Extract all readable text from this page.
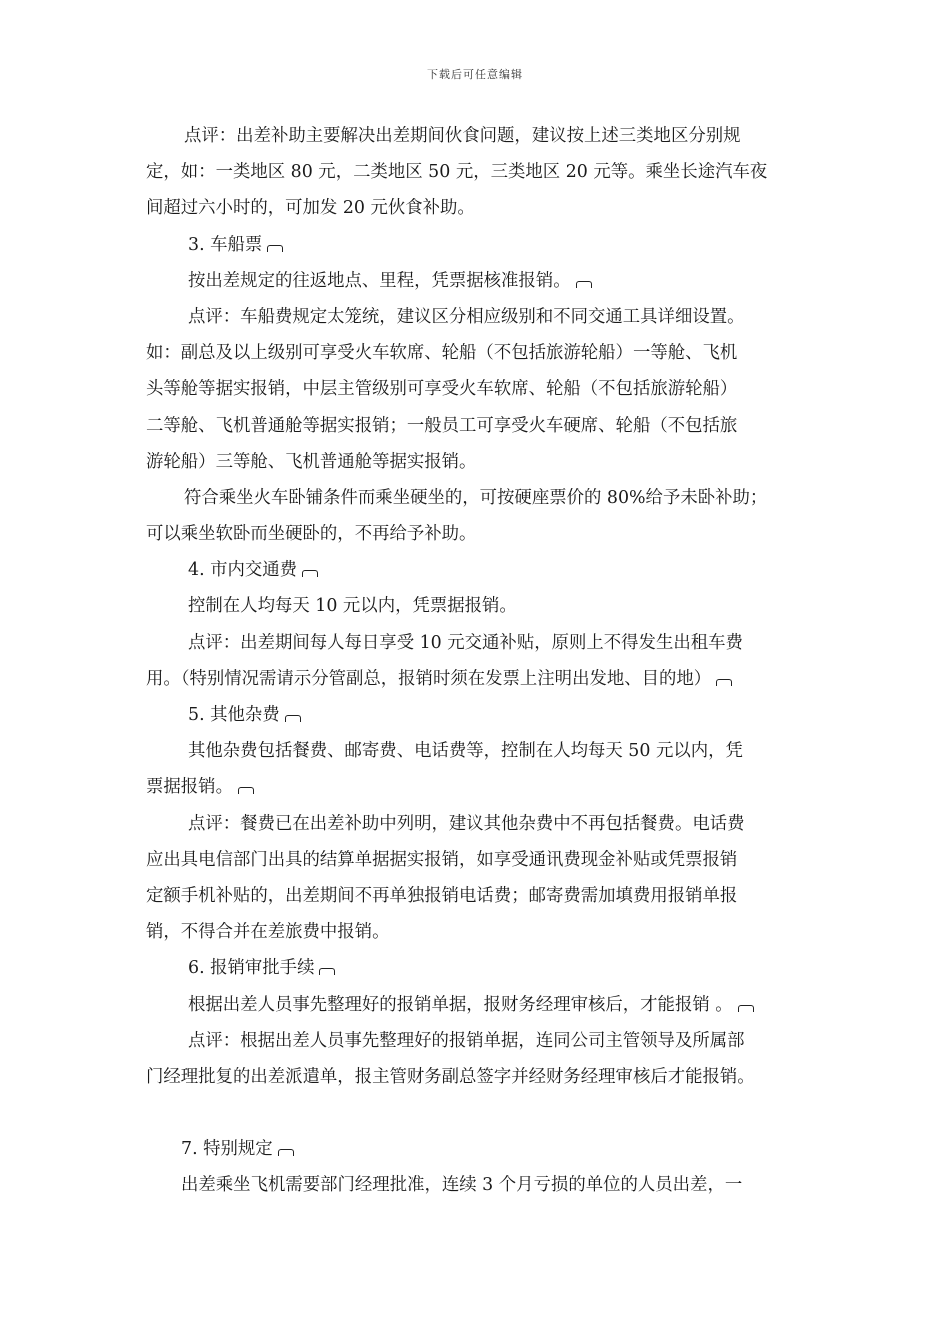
下载后可任意编辑
点评：出差补助主要解决出差期间伙食问题，建议按上述三类地区分别规
定，如：一类地区 80 元，二类地区 50 元，三类地区 20 元等。乘坐长途汽车夜
间超过六小时的，可加发 20 元伙食补助。
3. 车船票
按出差规定的往返地点、里程，凭票据核准报销。
点评：车船费规定太笼统，建议区分相应级别和不同交通工具详细设置。
如：副总及以上级别可享受火车软席、轮船（不包括旅游轮船）一等舱、飞机
头等舱等据实报销，中层主管级别可享受火车软席、轮船（不包括旅游轮船）
二等舱、飞机普通舱等据实报销；一般员工可享受火车硬席、轮船（不包括旅
游轮船）三等舱、飞机普通舱等据实报销。
符合乘坐火车卧铺条件而乘坐硬坐的，可按硬座票价的 80%给予未卧补助；
可以乘坐软卧而坐硬卧的，不再给予补助。
4. 市内交通费
控制在人均每天 10 元以内，凭票据报销。
点评：出差期间每人每日享受 10 元交通补贴，原则上不得发生出租车费
用。（特别情况需请示分管副总，报销时须在发票上注明出发地、目的地）
5. 其他杂费
其他杂费包括餐费、邮寄费、电话费等，控制在人均每天 50 元以内，凭
票据报销。
点评：餐费已在出差补助中列明，建议其他杂费中不再包括餐费。电话费
应出具电信部门出具的结算单据据实报销，如享受通讯费现金补贴或凭票报销
定额手机补贴的，出差期间不再单独报销电话费；邮寄费需加填费用报销单报
销，不得合并在差旅费中报销。
6. 报销审批手续
根据出差人员事先整理好的报销单据，报财务经理审核后，才能报销 。
点评：根据出差人员事先整理好的报销单据，连同公司主管领导及所属部
门经理批复的出差派遣单，报主管财务副总签字并经财务经理审核后才能报销。
7. 特别规定
出差乘坐飞机需要部门经理批准，连续 3 个月亏损的单位的人员出差，一
